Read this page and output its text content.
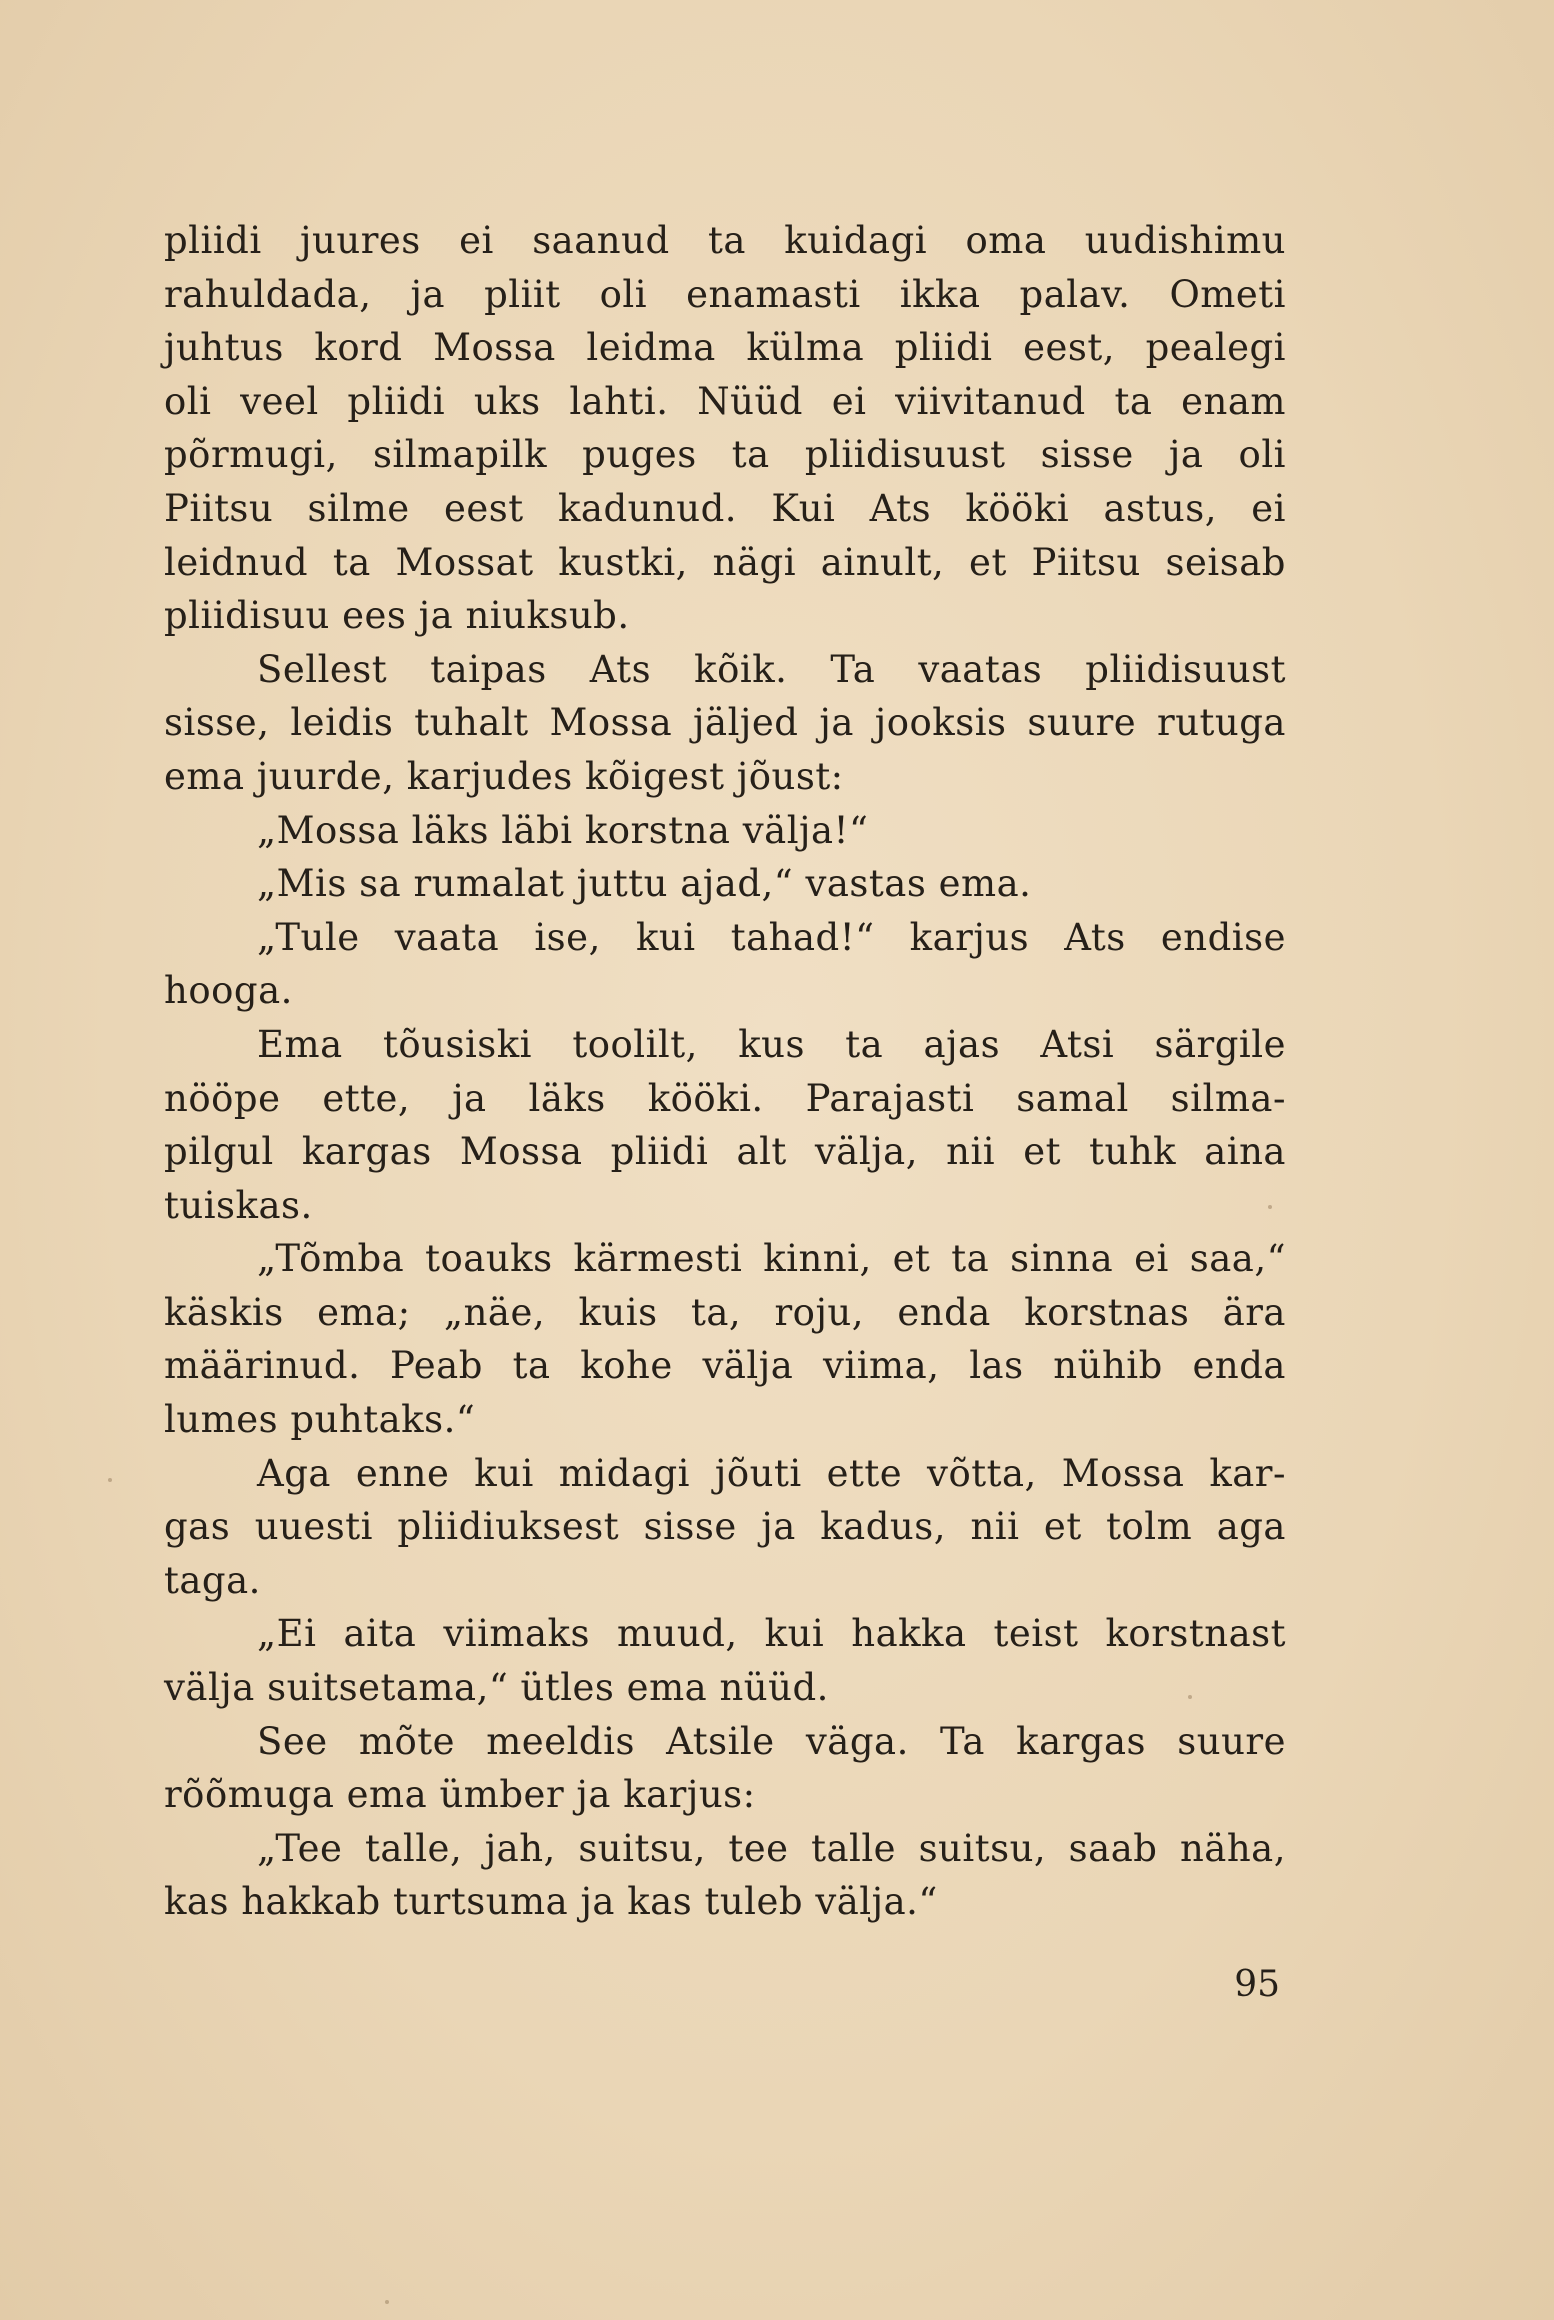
pliidi juures ei saanud ta kuidagi oma uudishimu
rahuldada, ja pliit oli enamasti ikka palav. Ometi
juhtus kord Mossa leidma külma pliidi eest, pealegi
oli veel pliidi uks lahti. Nüüd ei viivitanud ta enam
põrmugi, silmapilk puges ta pliidisuust sisse ja oli
Piitsu silme eest kadunud. Kui Ats kööki astus, ei
leidnud ta Mossat kustki, nägi ainult, et Piitsu seisab
pliidisuu ees ja niuksub.
Sellest taipas Ats kõik. Ta vaatas pliidisuust
sisse, leidis tuhalt Mossa jäljed ja jooksis suure rutuga
ema juurde, karjudes kõigest jõust:
„Mossa läks läbi korstna välja!“
„Mis sa rumalat juttu ajad,“ vastas ema.
„Tule vaata ise, kui tahad!“ karjus Ats endise
hooga.
Ema tõusiski toolilt, kus ta ajas Atsi särgile
nööpe ette, ja läks kööki. Parajasti samal silma-
pilgul kargas Mossa pliidi alt välja, nii et tuhk aina
tuiskas.
„Tõmba toauks kärmesti kinni, et ta sinna ei saa,“
käskis ema; „näe, kuis ta, roju, enda korstnas ära
määrinud. Peab ta kohe välja viima, las nühib enda
lumes puhtaks.“
Aga enne kui midagi jõuti ette võtta, Mossa kar-
gas uuesti pliidiuksest sisse ja kadus, nii et tolm aga
taga.
„Ei aita viimaks muud, kui hakka teist korstnast
välja suitsetama,“ ütles ema nüüd.
See mõte meeldis Atsile väga. Ta kargas suure
rõõmuga ema ümber ja karjus:
„Tee talle, jah, suitsu, tee talle suitsu, saab näha,
kas hakkab turtsuma ja kas tuleb välja.“
95
